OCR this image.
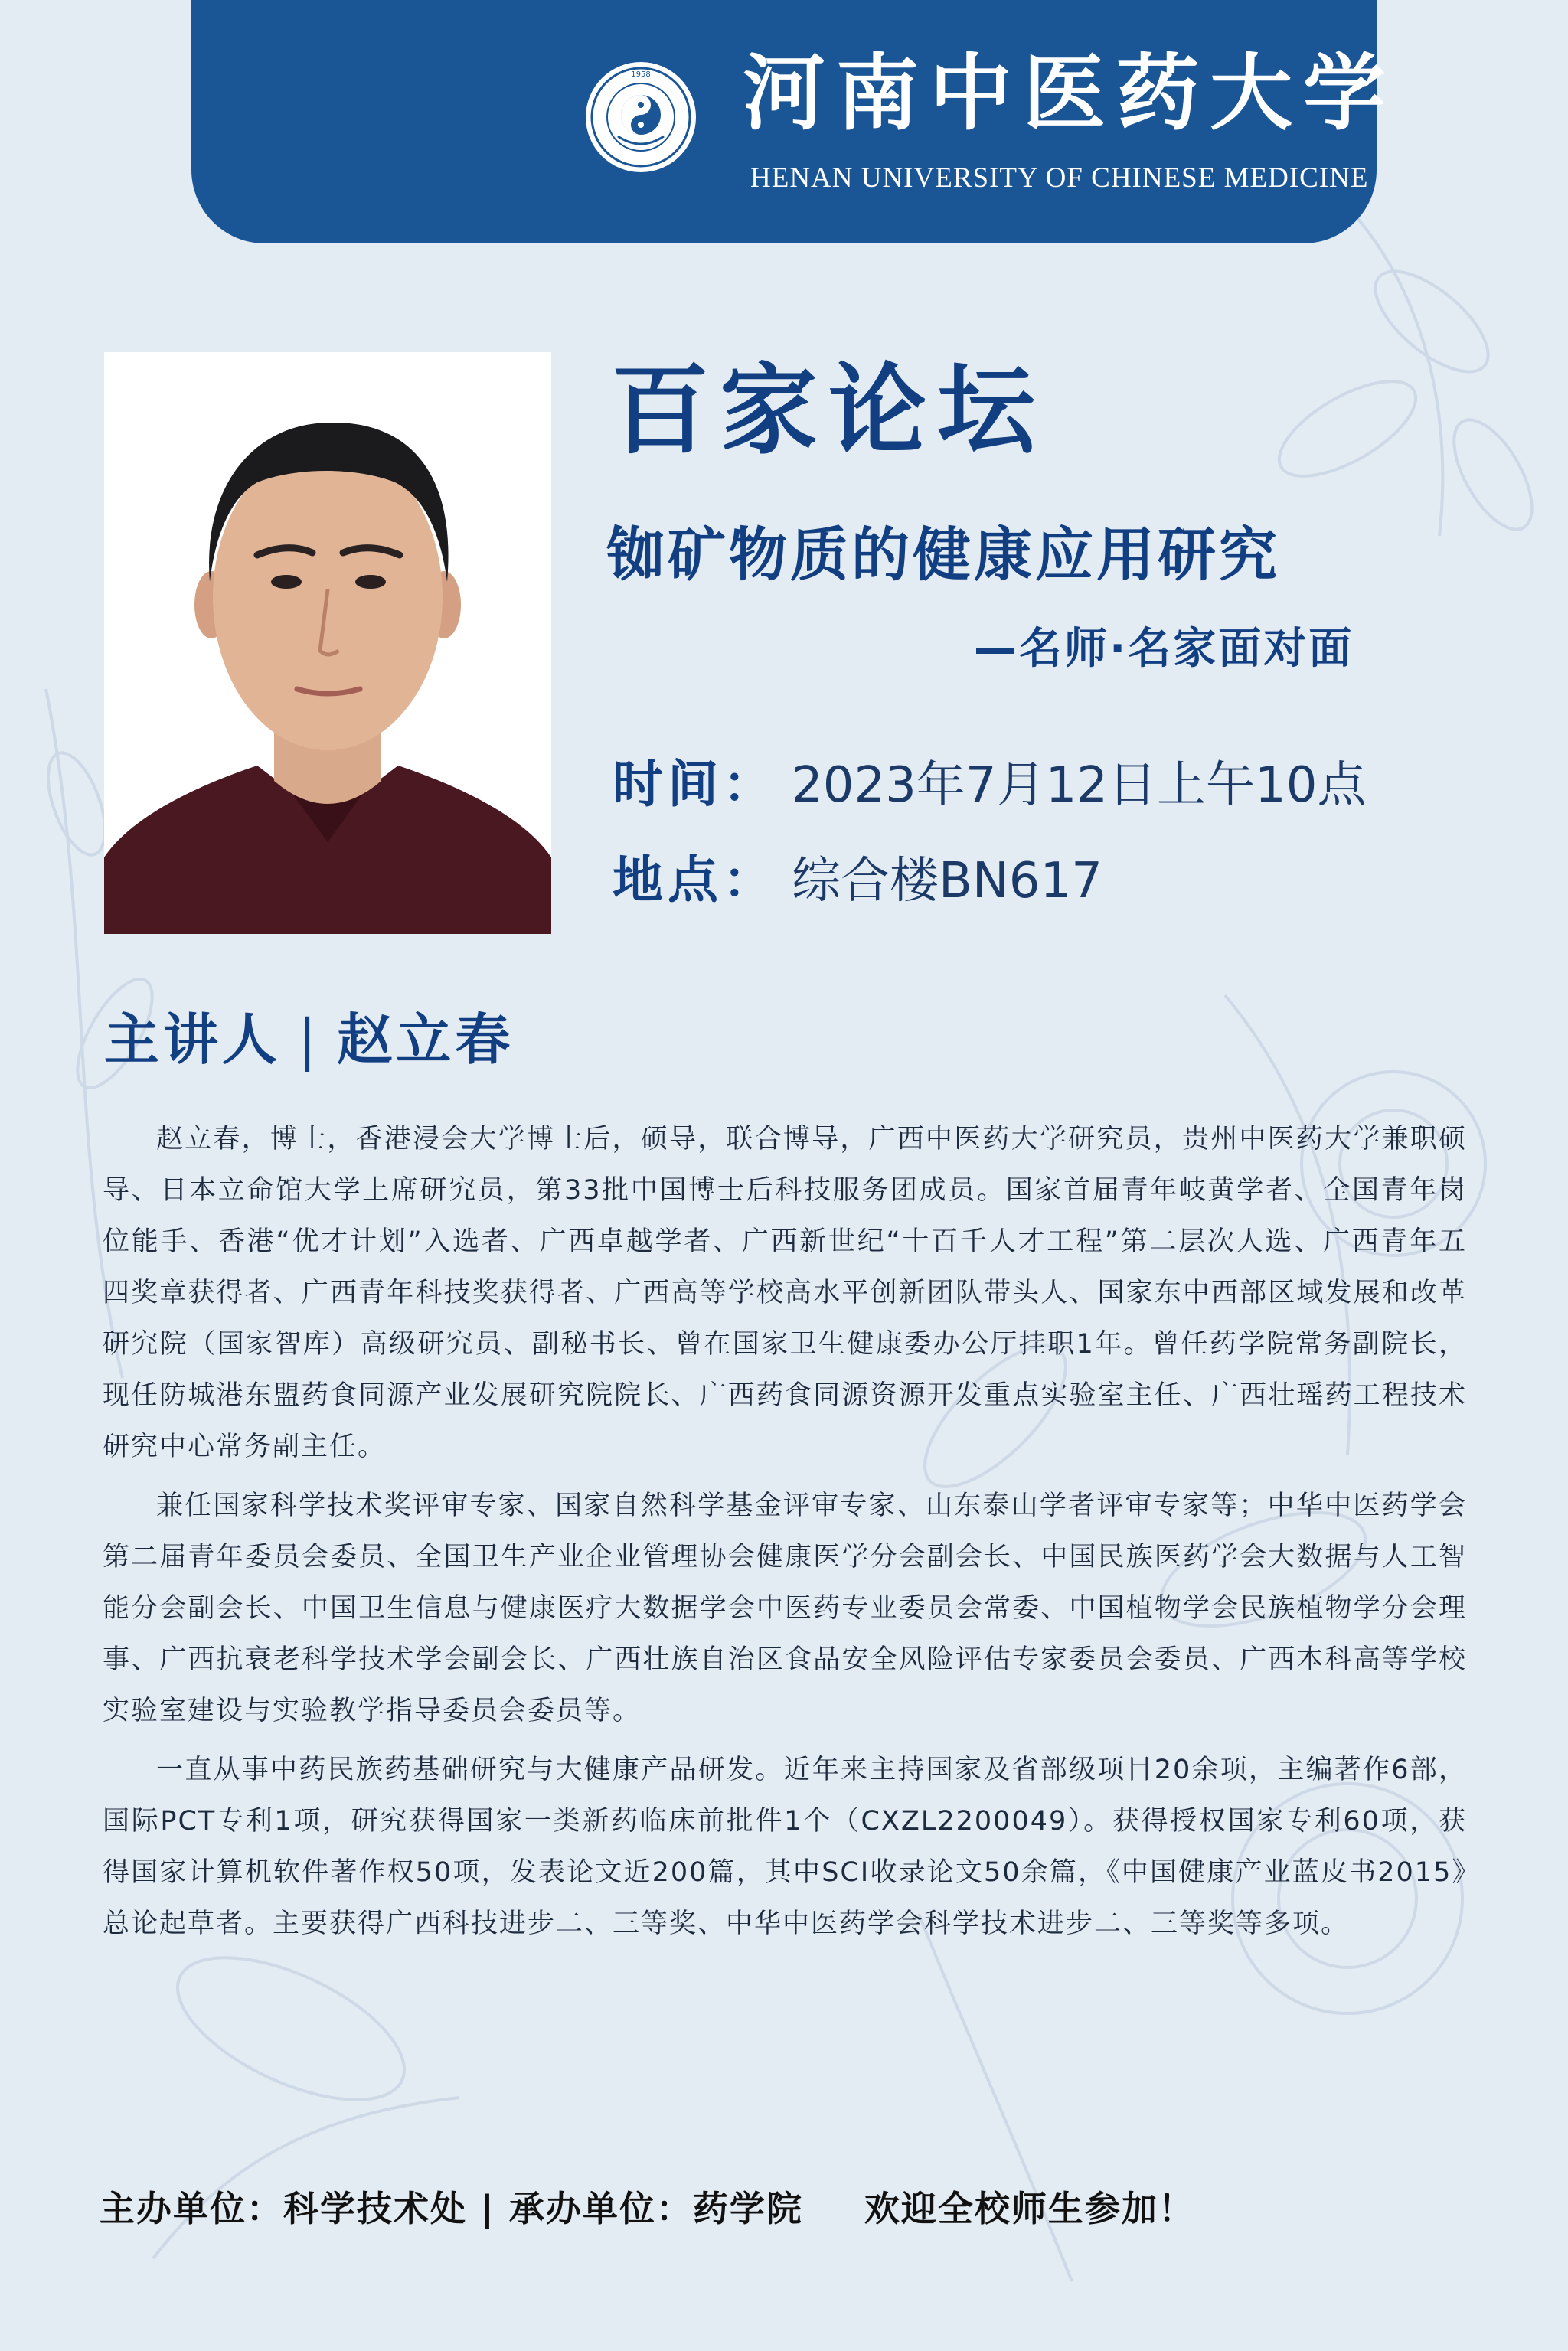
1958 河南中医药大学
HENAN UNIVERSITY OF CHINESE MEDICINE
百家论坛
铷矿物质的健康应用研究
—名师·名家面对面
时间： 2023年7月12日上午10点
地点： 综合楼BN617
主讲人 | 赵立春

赵立春，博士，香港浸会大学博士后，硕导，联合博导，广西中医药大学研究员，贵州中医药大学兼职硕导、日本立命馆大学上席研究员，第33批中国博士后科技服务团成员。国家首届青年岐黄学者、全国青年岗位能手、香港“优才计划”入选者、广西卓越学者、广西新世纪“十百千人才工程”第二层次人选、广西青年五四奖章获得者、广西青年科技奖获得者、广西高等学校高水平创新团队带头人、国家东中西部区域发展和改革研究院（国家智库）高级研究员、副秘书长、曾在国家卫生健康委办公厅挂职1年。曾任药学院常务副院长，现任防城港东盟药食同源产业发展研究院院长、广西药食同源资源开发重点实验室主任、广西壮瑶药工程技术研究中心常务副主任。

兼任国家科学技术奖评审专家、国家自然科学基金评审专家、山东泰山学者评审专家等；中华中医药学会第二届青年委员会委员、全国卫生产业企业管理协会健康医学分会副会长、中国民族医药学会大数据与人工智能分会副会长、中国卫生信息与健康医疗大数据学会中医药专业委员会常委、中国植物学会民族植物学分会理事、广西抗衰老科学技术学会副会长、广西壮族自治区食品安全风险评估专家委员会委员、广西本科高等学校实验室建设与实验教学指导委员会委员等。

一直从事中药民族药基础研究与大健康产品研发。近年来主持国家及省部级项目20余项，主编著作6部，国际PCT专利1项，研究获得国家一类新药临床前批件1个（CXZL2200049）。获得授权国家专利60项，获得国家计算机软件著作权50项，发表论文近200篇，其中SCI收录论文50余篇，《中国健康产业蓝皮书2015》总论起草者。主要获得广西科技进步二、三等奖、中华中医药学会科学技术进步二、三等奖等多项。

主办单位：科学技术处 | 承办单位：药学院 欢迎全校师生参加！
